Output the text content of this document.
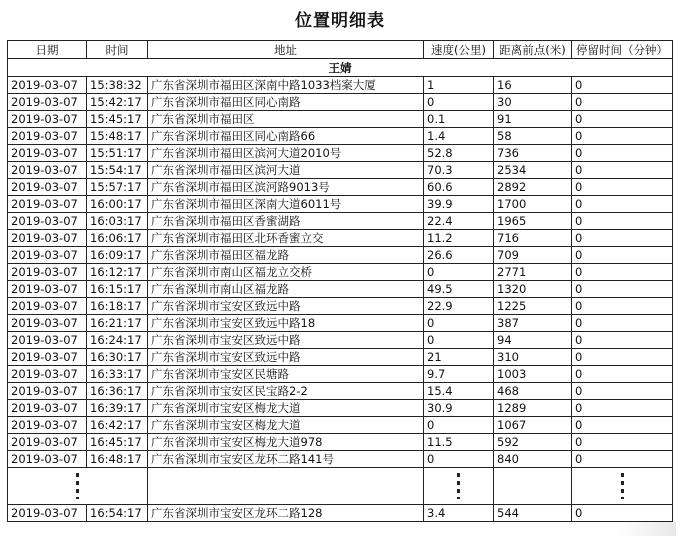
位置明细表
日期	时间	地址	速度(公里)	距离前点(米)	停留时间（分钟）	
王婧						
2019-03-07	15:38:32	广东省深圳市福田区深南中路1033档案大厦	1	16	0	
2019-03-07	15:42:17	广东省深圳市福田区同心南路	0	30	0	
2019-03-07	15:45:17	广东省深圳市福田区	0.1	91	0	
2019-03-07	15:48:17	广东省深圳市福田区同心南路66	1.4	58	0	
2019-03-07	15:51:17	广东省深圳市福田区滨河大道2010号	52.8	736	0	
2019-03-07	15:54:17	广东省深圳市福田区滨河大道	70.3	2534	0	
2019-03-07	15:57:17	广东省深圳市福田区滨河路9013号	60.6	2892	0	
2019-03-07	16:00:17	广东省深圳市福田区深南大道6011号	39.9	1700	0	
2019-03-07	16:03:17	广东省深圳市福田区香蜜湖路	22.4	1965	0	
2019-03-07	16:06:17	广东省深圳市福田区北环香蜜立交	11.2	716	0	
2019-03-07	16:09:17	广东省深圳市福田区福龙路	26.6	709	0	
2019-03-07	16:12:17	广东省深圳市南山区福龙立交桥	0	2771	0	
2019-03-07	16:15:17	广东省深圳市南山区福龙路	49.5	1320	0	
2019-03-07	16:18:17	广东省深圳市宝安区致远中路	22.9	1225	0	
2019-03-07	16:21:17	广东省深圳市宝安区致远中路18	0	387	0	
2019-03-07	16:24:17	广东省深圳市宝安区致远中路	0	94	0	
2019-03-07	16:30:17	广东省深圳市宝安区致远中路	21	310	0	
2019-03-07	16:33:17	广东省深圳市宝安区民塘路	9.7	1003	0	
2019-03-07	16:36:17	广东省深圳市宝安区民宝路2-2	15.4	468	0	
2019-03-07	16:39:17	广东省深圳市宝安区梅龙大道	30.9	1289	0	
2019-03-07	16:42:17	广东省深圳市宝安区梅龙大道	0	1067	0	
2019-03-07	16:45:17	广东省深圳市宝安区梅龙大道978	11.5	592	0	
2019-03-07	16:48:17	广东省深圳市宝安区龙环二路141号	0	840	0	

2019-03-07	16:54:17	广东省深圳市宝安区龙环二路128	3.4	544	0	
